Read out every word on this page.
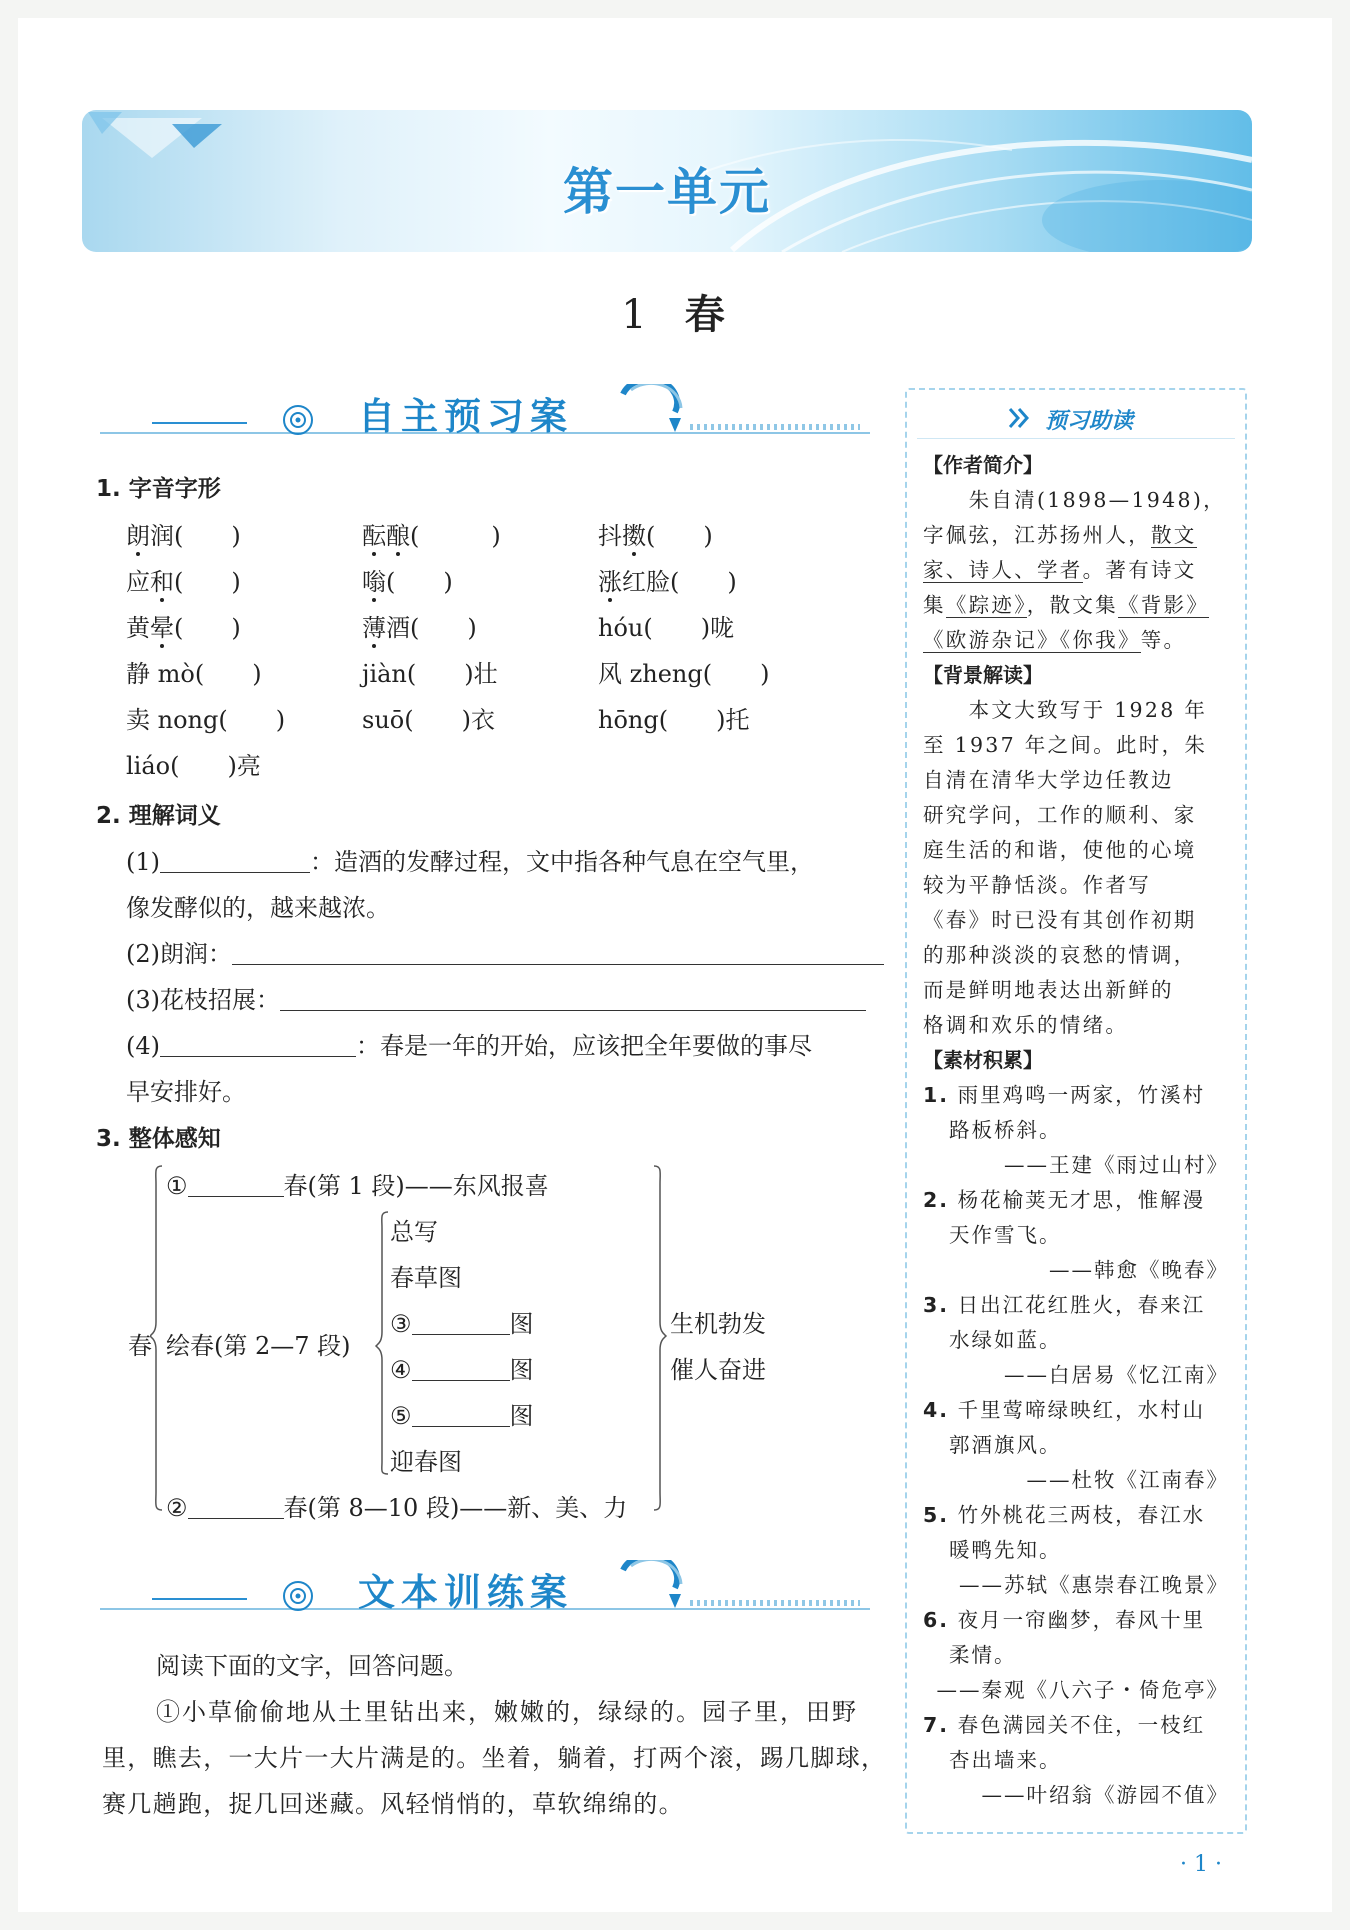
第一单元
1 春
自主预习案
1. 字音字形
朗润(　　)	酝酿(　　　)	抖擞(　　)
应和(　　)	嗡(　　)	涨红脸(　　)
黄晕(　　)	薄酒(　　)	hóu(　　)咙
静 mò(　　)	jiàn(　　)壮	风 zheng(　　)
卖 nong(　　)	suō(　　)衣	hōng(　　)托
liáo(　　)亮
2. 理解词义
(1)	：造酒的发酵过程，文中指各种气息在空气里，
像发酵似的，越来越浓。
(2)朗润：
(3)花枝招展：
(4)	：春是一年的开始，应该把全年要做的事尽
早安排好。
3. 整体感知
春
①	春(第 1 段)——东风报喜
绘春(第 2—7 段)
总写
春草图
③	图
④	图
⑤	图
迎春图
②	春(第 8—10 段)——新、美、力
生机勃发
催人奋进
文本训练案
阅读下面的文字，回答问题。
①小草偷偷地从土里钻出来，嫩嫩的，绿绿的。园子里，田野
里，瞧去，一大片一大片满是的。坐着，躺着，打两个滚，踢几脚球，
赛几趟跑，捉几回迷藏。风轻悄悄的，草软绵绵的。
预习助读
【作者简介】
　　朱自清(1898—1948)，
字佩弦，江苏扬州人，散文
家、诗人、学者。著有诗文
集《踪迹》，散文集《背影》
《欧游杂记》《你我》等。
【背景解读】
　　本文大致写于 1928 年
至 1937 年之间。此时，朱
自清在清华大学边任教边
研究学问，工作的顺利、家
庭生活的和谐，使他的心境
较为平静恬淡。作者写
《春》时已没有其创作初期
的那种淡淡的哀愁的情调，
而是鲜明地表达出新鲜的
格调和欢乐的情绪。
【素材积累】
1. 雨里鸡鸣一两家，竹溪村
路板桥斜。
——王建《雨过山村》
2. 杨花榆荚无才思，惟解漫
天作雪飞。
——韩愈《晚春》
3. 日出江花红胜火，春来江
水绿如蓝。
——白居易《忆江南》
4. 千里莺啼绿映红，水村山
郭酒旗风。
——杜牧《江南春》
5. 竹外桃花三两枝，春江水
暖鸭先知。
——苏轼《惠崇春江晚景》
6. 夜月一帘幽梦，春风十里
柔情。
——秦观《八六子・倚危亭》
7. 春色满园关不住，一枝红
杏出墙来。
——叶绍翁《游园不值》
· 1 ·
